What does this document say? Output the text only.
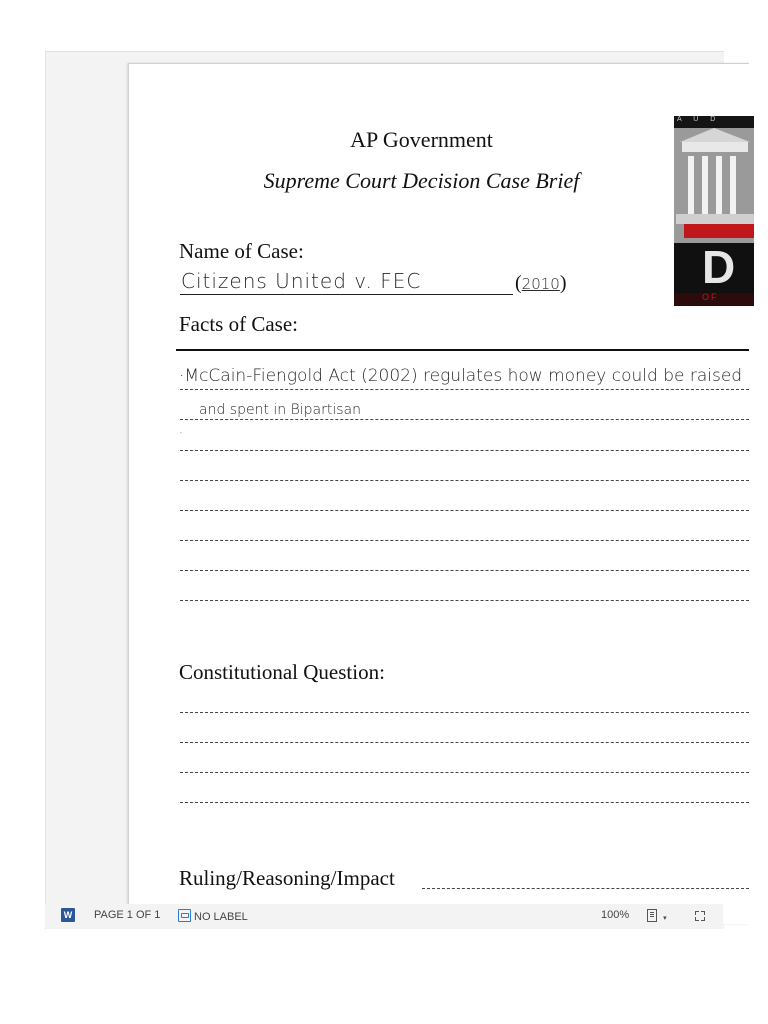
AP Government
Supreme Court Decision Case Brief
A U D
D
OF
Name of Case:
Citizens United v. FEC	(2010)
Facts of Case:
·McCain-Fiengold Act (2002) regulates how money could be raised
and spent in Bipartisan
·
Constitutional Question:
Ruling/Reasoning/Impact
W PAGE 1 OF 1	NO LABEL	100%	▾
